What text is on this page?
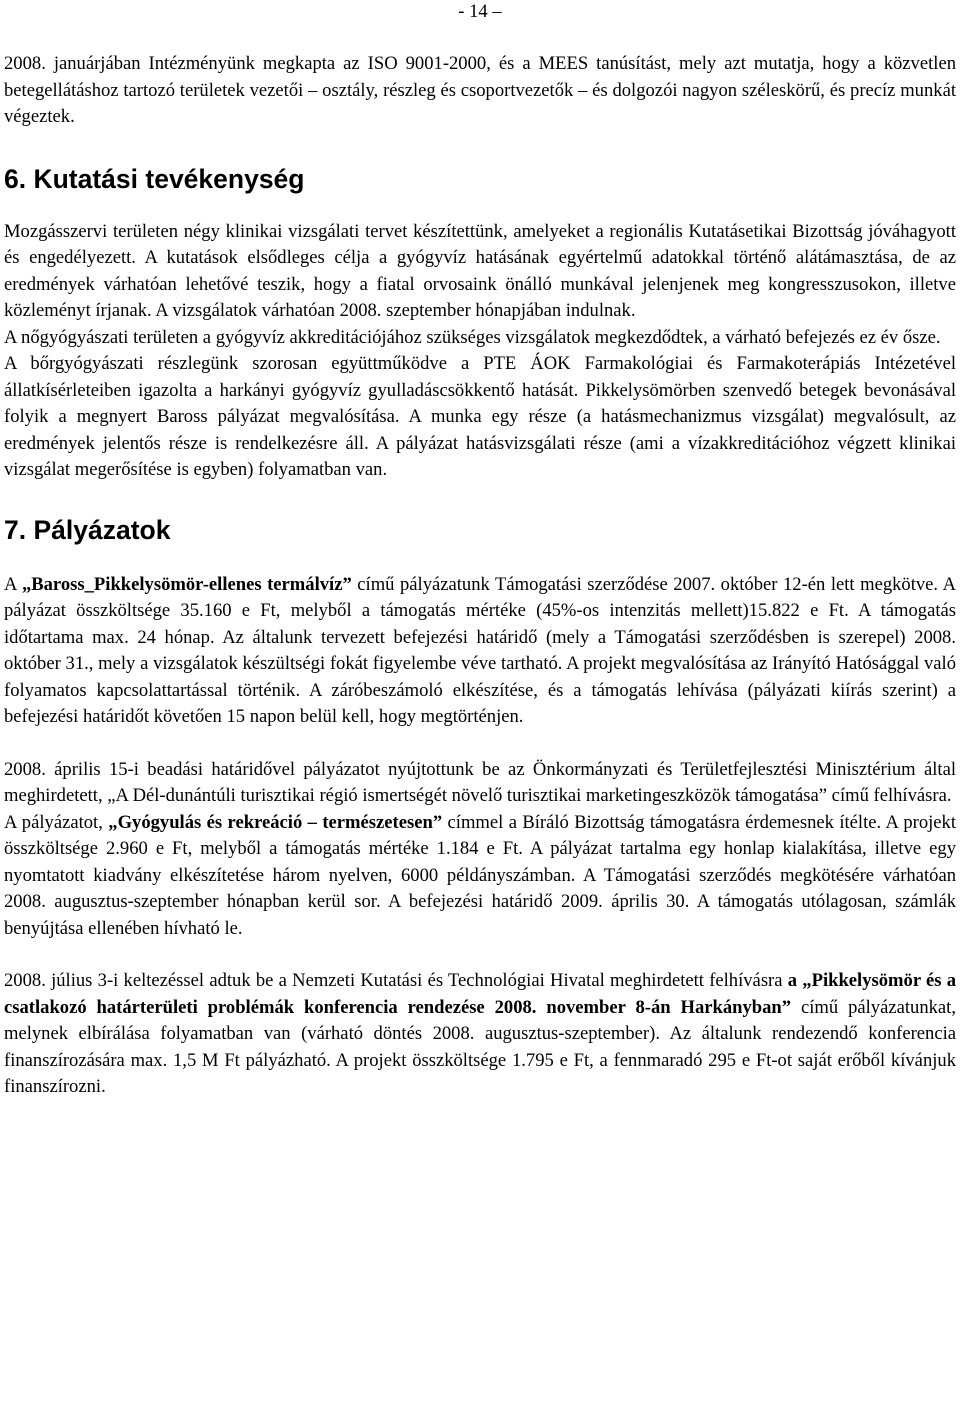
- 14 –

2008. januárjában Intézményünk megkapta az ISO 9001-2000, és a MEES tanúsítást, mely azt mutatja, hogy a közvetlen betegellátáshoz tartozó területek vezetői – osztály, részleg és csoportvezetők – és dolgozói nagyon széleskörű, és precíz munkát végeztek.

6. Kutatási tevékenység

Mozgásszervi területen négy klinikai vizsgálati tervet készítettünk, amelyeket a regionális Kutatásetikai Bizottság jóváhagyott és engedélyezett. A kutatások elsődleges célja a gyógyvíz hatásának egyértelmű adatokkal történő alátámasztása, de az eredmények várhatóan lehetővé teszik, hogy a fiatal orvosaink önálló munkával jelenjenek meg kongresszusokon, illetve közleményt írjanak. A vizsgálatok várhatóan 2008. szeptember hónapjában indulnak.

A nőgyógyászati területen a gyógyvíz akkreditációjához szükséges vizsgálatok megkezdődtek, a várható befejezés ez év ősze.

A bőrgyógyászati részlegünk szorosan együttműködve a PTE ÁOK Farmakológiai és Farmakoterápiás Intézetével állatkísérleteiben igazolta a harkányi gyógyvíz gyulladáscsökkentő hatását. Pikkelysömörben szenvedő betegek bevonásával folyik a megnyert Baross pályázat megvalósítása. A munka egy része (a hatásmechanizmus vizsgálat) megvalósult, az eredmények jelentős része is rendelkezésre áll. A pályázat hatásvizsgálati része (ami a vízakkreditációhoz végzett klinikai vizsgálat megerősítése is egyben) folyamatban van.

7. Pályázatok

A „Baross_Pikkelysömör-ellenes termálvíz” című pályázatunk Támogatási szerződése 2007. október 12-én lett megkötve. A pályázat összköltsége 35.160 e Ft, melyből a támogatás mértéke (45%-os intenzitás mellett)15.822 e Ft. A támogatás időtartama max. 24 hónap. Az általunk tervezett befejezési határidő (mely a Támogatási szerződésben is szerepel) 2008. október 31., mely a vizsgálatok készültségi fokát figyelembe véve tartható. A projekt megvalósítása az Irányító Hatósággal való folyamatos kapcsolattartással történik. A záróbeszámoló elkészítése, és a támogatás lehívása (pályázati kiírás szerint) a befejezési határidőt követően 15 napon belül kell, hogy megtörténjen.

2008. április 15-i beadási határidővel pályázatot nyújtottunk be az Önkormányzati és Területfejlesztési Minisztérium által meghirdetett, „A Dél-dunántúli turisztikai régió ismertségét növelő turisztikai marketingeszközök támogatása” című felhívásra.

A pályázatot, „Gyógyulás és rekreáció – természetesen” címmel a Bíráló Bizottság támogatásra érdemesnek ítélte. A projekt összköltsége 2.960 e Ft, melyből a támogatás mértéke 1.184 e Ft. A pályázat tartalma egy honlap kialakítása, illetve egy nyomtatott kiadvány elkészítetése három nyelven, 6000 példányszámban. A Támogatási szerződés megkötésére várhatóan 2008. augusztus-szeptember hónapban kerül sor. A befejezési határidő 2009. április 30. A támogatás utólagosan, számlák benyújtása ellenében hívható le.

2008. július 3-i keltezéssel adtuk be a Nemzeti Kutatási és Technológiai Hivatal meghirdetett felhívásra a „Pikkelysömör és a csatlakozó határterületi problémák konferencia rendezése 2008. november 8-án Harkányban” című pályázatunkat, melynek elbírálása folyamatban van (várható döntés 2008. augusztus-szeptember). Az általunk rendezendő konferencia finanszírozására max. 1,5 M Ft pályázható. A projekt összköltsége 1.795 e Ft, a fennmaradó 295 e Ft-ot saját erőből kívánjuk finanszírozni.
